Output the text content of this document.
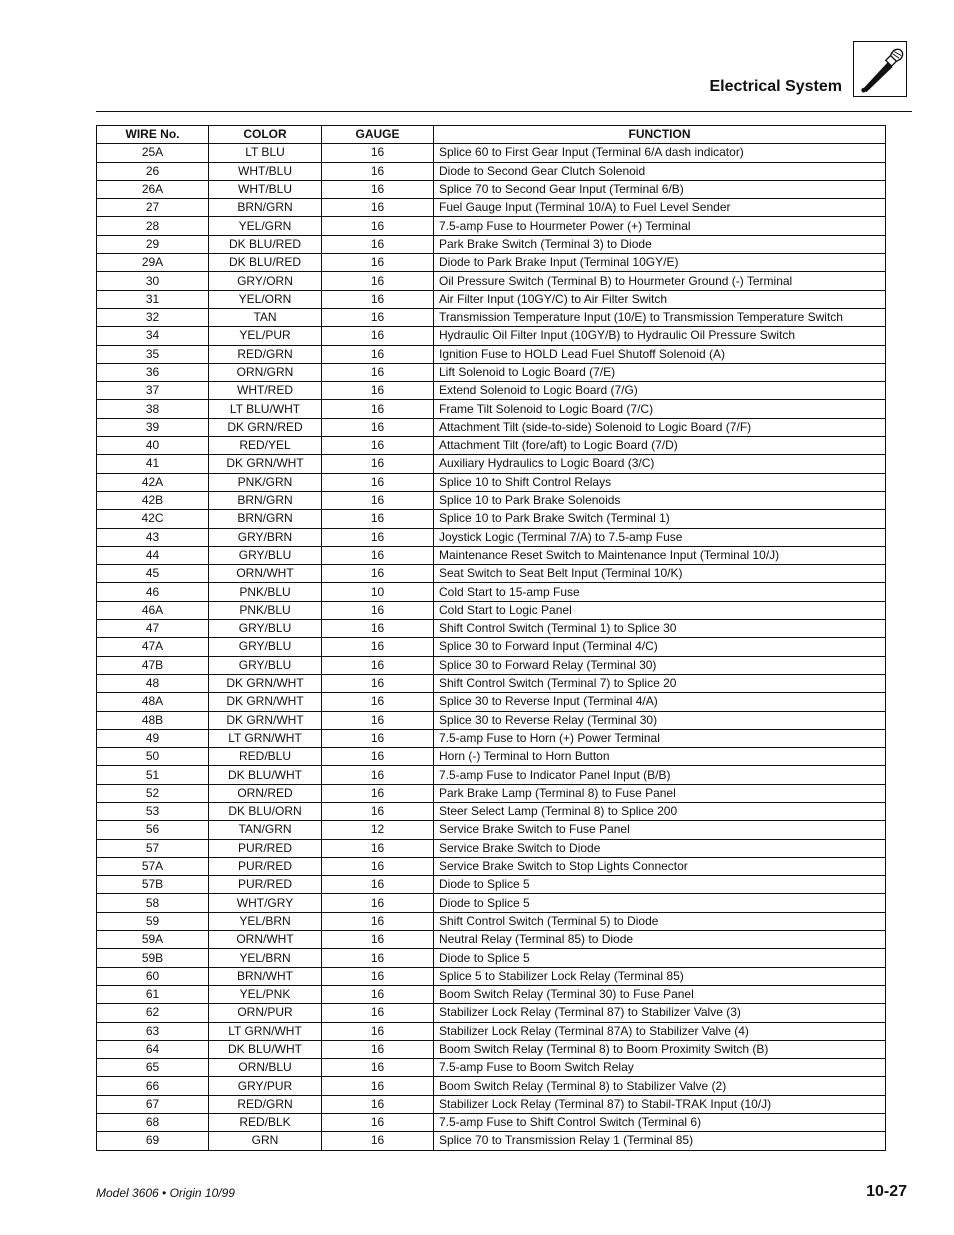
Electrical System
WIRE No.	COLOR	GAUGE	FUNCTION
25A	LT BLU	16	Splice 60 to First Gear Input (Terminal 6/A dash indicator)
26	WHT/BLU	16	Diode to Second Gear Clutch Solenoid
26A	WHT/BLU	16	Splice 70 to Second Gear Input (Terminal 6/B)
27	BRN/GRN	16	Fuel Gauge Input (Terminal 10/A) to Fuel Level Sender
28	YEL/GRN	16	7.5-amp Fuse to Hourmeter Power (+) Terminal
29	DK BLU/RED	16	Park Brake Switch (Terminal 3) to Diode
29A	DK BLU/RED	16	Diode to Park Brake Input (Terminal 10GY/E)
30	GRY/ORN	16	Oil Pressure Switch (Terminal B) to Hourmeter Ground (-) Terminal
31	YEL/ORN	16	Air Filter Input (10GY/C) to Air Filter Switch
32	TAN	16	Transmission Temperature Input (10/E) to Transmission Temperature Switch
34	YEL/PUR	16	Hydraulic Oil Filter Input (10GY/B) to Hydraulic Oil Pressure Switch
35	RED/GRN	16	Ignition Fuse to HOLD Lead Fuel Shutoff Solenoid (A)
36	ORN/GRN	16	Lift Solenoid to Logic Board (7/E)
37	WHT/RED	16	Extend Solenoid to Logic Board (7/G)
38	LT BLU/WHT	16	Frame Tilt Solenoid to Logic Board (7/C)
39	DK GRN/RED	16	Attachment Tilt (side-to-side) Solenoid to Logic Board (7/F)
40	RED/YEL	16	Attachment Tilt (fore/aft) to Logic Board (7/D)
41	DK GRN/WHT	16	Auxiliary Hydraulics to Logic Board (3/C)
42A	PNK/GRN	16	Splice 10 to Shift Control Relays
42B	BRN/GRN	16	Splice 10 to Park Brake Solenoids
42C	BRN/GRN	16	Splice 10 to Park Brake Switch (Terminal 1)
43	GRY/BRN	16	Joystick Logic (Terminal 7/A) to 7.5-amp Fuse
44	GRY/BLU	16	Maintenance Reset Switch to Maintenance Input (Terminal 10/J)
45	ORN/WHT	16	Seat Switch to Seat Belt Input (Terminal 10/K)
46	PNK/BLU	10	Cold Start to 15-amp Fuse
46A	PNK/BLU	16	Cold Start to Logic Panel
47	GRY/BLU	16	Shift Control Switch (Terminal 1) to Splice 30
47A	GRY/BLU	16	Splice 30 to Forward Input (Terminal 4/C)
47B	GRY/BLU	16	Splice 30 to Forward Relay (Terminal 30)
48	DK GRN/WHT	16	Shift Control Switch (Terminal 7) to Splice 20
48A	DK GRN/WHT	16	Splice 30 to Reverse Input (Terminal 4/A)
48B	DK GRN/WHT	16	Splice 30 to Reverse Relay (Terminal 30)
49	LT GRN/WHT	16	7.5-amp Fuse to Horn (+) Power Terminal
50	RED/BLU	16	Horn (-) Terminal to Horn Button
51	DK BLU/WHT	16	7.5-amp Fuse to Indicator Panel Input (B/B)
52	ORN/RED	16	Park Brake Lamp (Terminal 8) to Fuse Panel
53	DK BLU/ORN	16	Steer Select Lamp (Terminal 8) to Splice 200
56	TAN/GRN	12	Service Brake Switch to Fuse Panel
57	PUR/RED	16	Service Brake Switch to Diode
57A	PUR/RED	16	Service Brake Switch to Stop Lights Connector
57B	PUR/RED	16	Diode to Splice 5
58	WHT/GRY	16	Diode to Splice 5
59	YEL/BRN	16	Shift Control Switch (Terminal 5) to Diode
59A	ORN/WHT	16	Neutral Relay (Terminal 85) to Diode
59B	YEL/BRN	16	Diode to Splice 5
60	BRN/WHT	16	Splice 5 to Stabilizer Lock Relay (Terminal 85)
61	YEL/PNK	16	Boom Switch Relay (Terminal 30) to Fuse Panel
62	ORN/PUR	16	Stabilizer Lock Relay (Terminal 87) to Stabilizer Valve (3)
63	LT GRN/WHT	16	Stabilizer Lock Relay (Terminal 87A) to Stabilizer Valve (4)
64	DK BLU/WHT	16	Boom Switch Relay (Terminal 8) to Boom Proximity Switch (B)
65	ORN/BLU	16	7.5-amp Fuse to Boom Switch Relay
66	GRY/PUR	16	Boom Switch Relay (Terminal 8) to Stabilizer Valve (2)
67	RED/GRN	16	Stabilizer Lock Relay (Terminal 87) to Stabil-TRAK Input (10/J)
68	RED/BLK	16	7.5-amp Fuse to Shift Control Switch (Terminal 6)
69	GRN	16	Splice 70 to Transmission Relay 1 (Terminal 85)
Model 3606 • Origin 10/99	10-27
